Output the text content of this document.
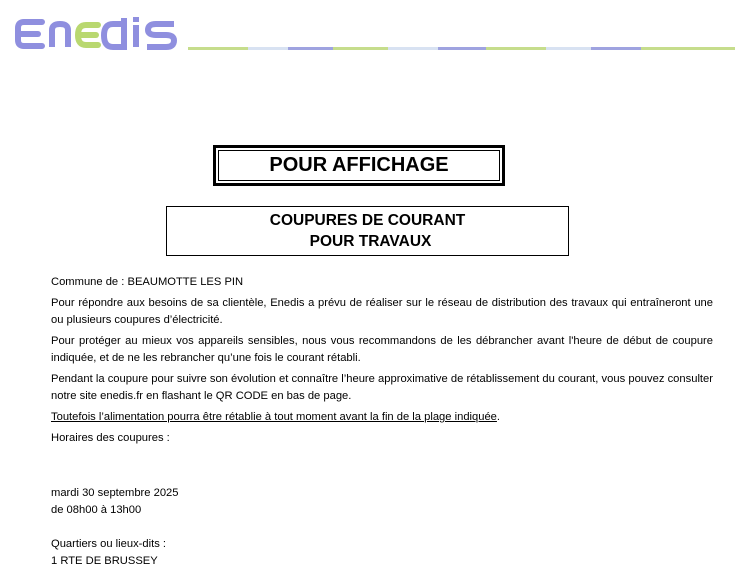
POUR AFFICHAGE
COUPURES DE COURANT
POUR TRAVAUX

Commune de : BEAUMOTTE LES PIN

Pour répondre aux besoins de sa clientèle, Enedis a prévu de réaliser sur le réseau de distribution des travaux qui entraîneront une ou plusieurs coupures d’électricité.

Pour protéger au mieux vos appareils sensibles, nous vous recommandons de les débrancher avant l'heure de début de coupure indiquée, et de ne les rebrancher qu’une fois le courant rétabli.

Pendant la coupure pour suivre son évolution et connaître l’heure approximative de rétablissement du courant, vous pouvez consulter notre site enedis.fr en flashant le QR CODE en bas de page.

Toutefois l’alimentation pourra être rétablie à tout moment avant la fin de la plage indiquée.

Horaires des coupures :

mardi 30 septembre 2025

de 08h00 à 13h00

Quartiers ou lieux-dits :

1 RTE DE BRUSSEY
